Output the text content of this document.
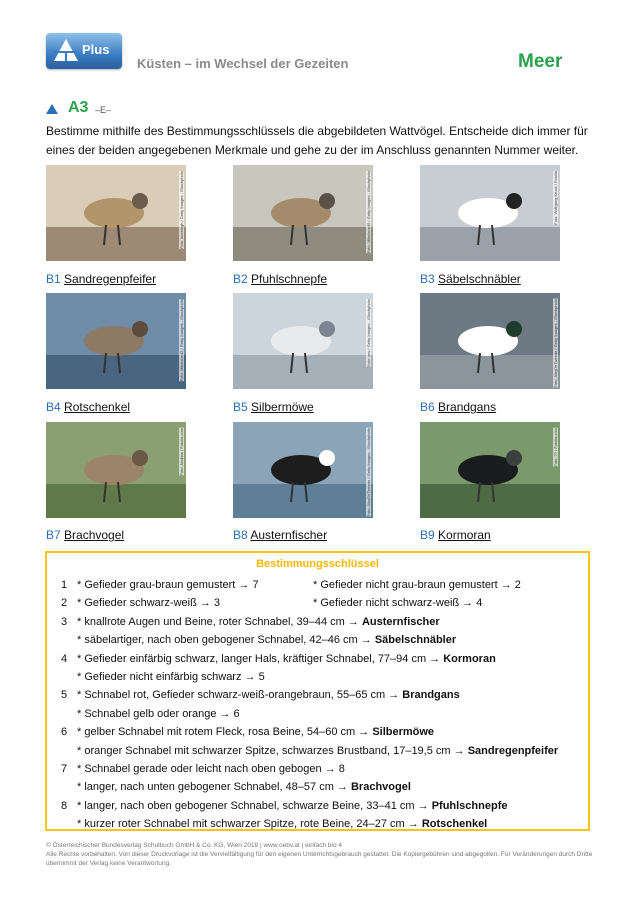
Plus
Küsten – im Wechsel der Gezeiten	Meer
A3 –E–
Bestimme mithilfe des Bestimmungsschlüssels die abgebildeten Wattvögel. Entscheide dich immer für eines der beiden angegebenen Merkmale und gehe zu der im Anschluss genannten Nummer weiter.
Foto: kneehigh / Getty Images - iStockphoto
B1 Sandregenpfeifer
Foto: Mikelane45 / Getty Images - iStockphoto
B2 Pfuhlschnepfe
Foto: Wolfgang Kruck / Fotolia
B3 Säbelschnäbler
Foto: Mikelane45 / Getty Images - iStockphoto
B4 Rotschenkel
Foto: imv / Getty Images - iStockphoto
B5 Silbermöwe
Foto: AlbyDeTweede / Getty Images - iStockphoto
B6 Brandgans
Foto: Andrew / Fotolia.com
B7 Brachvogel
Foto: AlbyDeTweede / Getty Images - iStockphoto
B8 Austernfischer
Foto: ?? / Fotolia.com
B9 Kormoran
Bestimmungsschlüssel
1 * Gefieder grau-braun gemustert → 7	* Gefieder nicht grau-braun gemustert → 2
2 * Gefieder schwarz-weiß → 3	* Gefieder nicht schwarz-weiß → 4
3 * knallrote Augen und Beine, roter Schnabel, 39–44 cm → Austernfischer
* säbelartiger, nach oben gebogener Schnabel, 42–46 cm → Säbelschnäbler
4 * Gefieder einfärbig schwarz, langer Hals, kräftiger Schnabel, 77–94 cm → Kormoran
* Gefieder nicht einfärbig schwarz → 5
5 * Schnabel rot, Gefieder schwarz-weiß-orangebraun, 55–65 cm → Brandgans
* Schnabel gelb oder orange → 6
6 * gelber Schnabel mit rotem Fleck, rosa Beine, 54–60 cm → Silbermöwe
* oranger Schnabel mit schwarzer Spitze, schwarzes Brustband, 17–19,5 cm → Sandregenpfeifer
7 * Schnabel gerade oder leicht nach oben gebogen → 8
* langer, nach unten gebogener Schnabel, 48–57 cm → Brachvogel
8 * langer, nach oben gebogener Schnabel, schwarze Beine, 33–41 cm → Pfuhlschnepfe
* kurzer roter Schnabel mit schwarzer Spitze, rote Beine, 24–27 cm → Rotschenkel
© Österreichischer Bundesverlag Schulbuch GmbH & Co. KG, Wien 2019 | www.oebv.at | einfach bio 4
Alle Rechte vorbehalten. Von dieser Druckvorlage ist die Vervielfältigung für den eigenen Unterrichtsgebrauch gestattet. Die Kopiergebühren sind abgegolten. Für Veränderungen durch Dritte übernimmt der Verlag keine Verantwortung.
